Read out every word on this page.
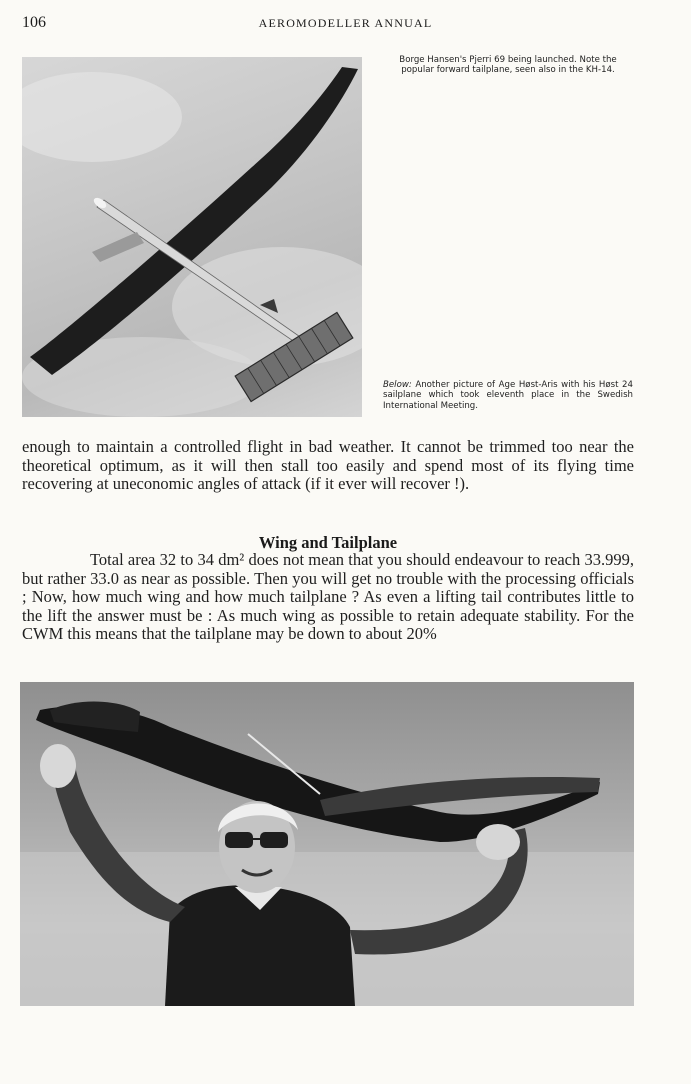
106	AEROMODELLER ANNUAL
Borge Hansen's Pjerri 69 being launched. Note the popular forward tailplane, seen also in the KH-14.
Below: Another picture of Age Høst-Aris with his Høst 24 sailplane which took eleventh place in the Swedish International Meeting.
enough to maintain a controlled flight in bad weather. It cannot be trimmed too near the theoretical optimum, as it will then stall too easily and spend most of its flying time recovering at uneconomic angles of attack (if it ever will recover !).
Wing and Tailplane
Total area 32 to 34 dm² does not mean that you should endeavour to reach 33.999, but rather 33.0 as near as possible. Then you will get no trouble with the processing officials ; Now, how much wing and how much tailplane ? As even a lifting tail contributes little to the lift the answer must be : As much wing as possible to retain adequate stability. For the CWM this means that the tailplane may be down to about 20%
